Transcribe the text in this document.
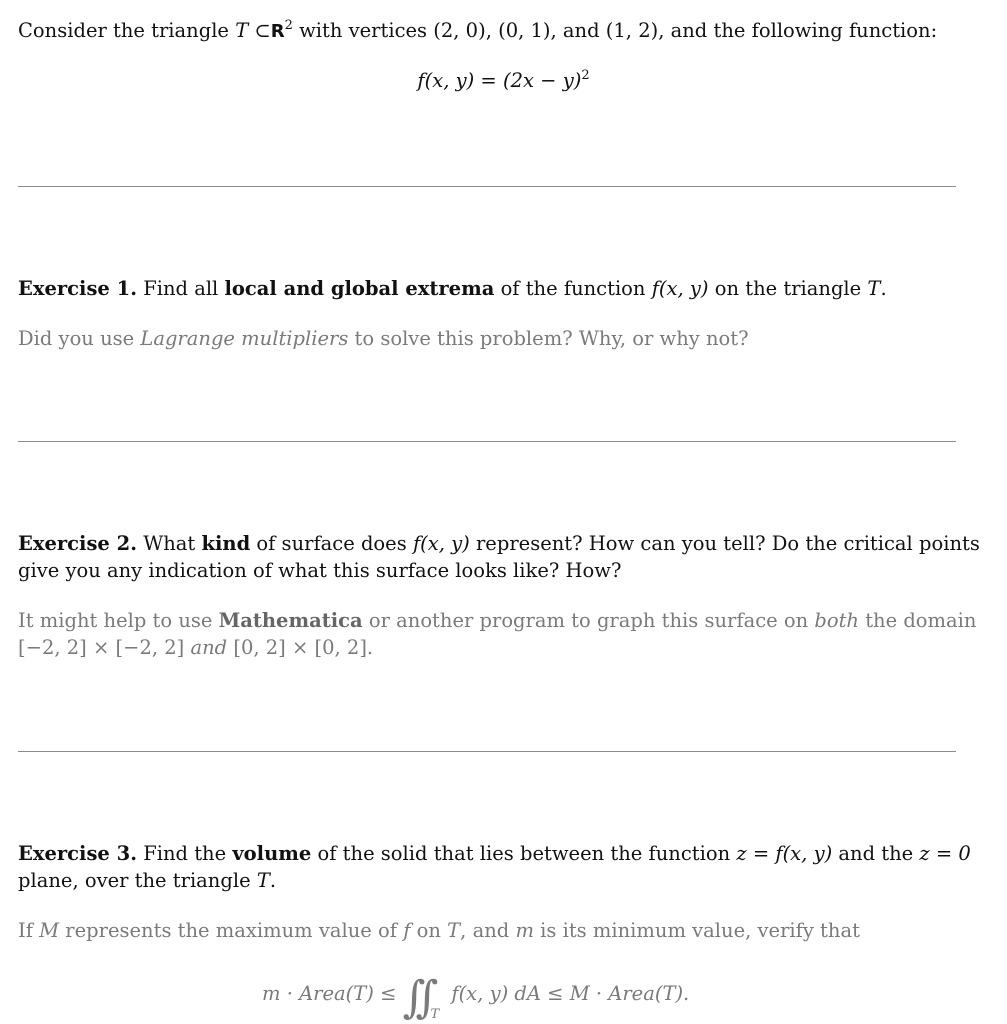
Consider the triangle T $\subset R^2$ with vertices (2, 0), (0, 1), and (1, 2), and the following function:
f(x, $y) = (2x - y)^2$
Exercise 1. Find all local and global extrema of the function f(x, y) on the triangle T.
Did you use Lagrange multipliers to solve this problem? Why, or why not?
Exercise 2. What kind of surface does f(x, y) represent? How can you tell? Do the critical points
give you any indication of what this surface looks like? How?
It might help to use Mathematica or another program to graph this surface on both the domain
[−2, 2] × [−2, 2] and [0, 2] × [0, 2].
Exercise 3. Find the volume of the solid that lies between the function z = f(x, y) and the z = 0
plane, over the triangle T.
If M represents the maximum value of f on T, and m is its minimum value, verify that
m · Area(T) ≤ ∫∫ $_T$ f(x, y) dA ≤ M · Area(T).
